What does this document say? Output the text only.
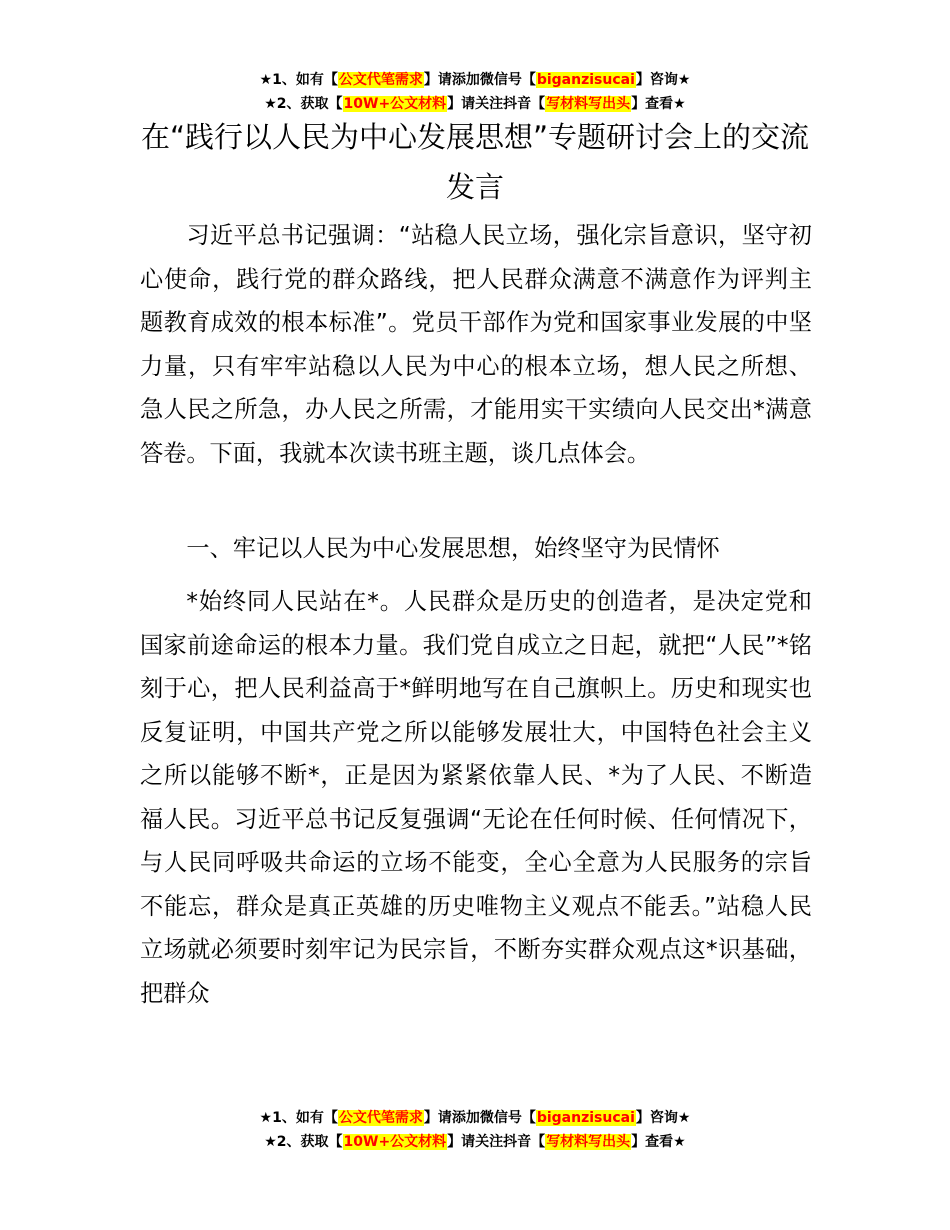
★1、如有【公文代笔需求】请添加微信号【biganzisucai】咨询★
★2、获取【10W+公文材料】请关注抖音【写材料写出头】查看★
在“践行以人民为中心发展思想”专题研讨会上的交流发言

习近平总书记强调：“站稳人民立场，强化宗旨意识，坚守初心使命，践行党的群众路线，把人民群众满意不满意作为评判主题教育成效的根本标准”。党员干部作为党和国家事业发展的中坚力量，只有牢牢站稳以人民为中心的根本立场，想人民之所想、急人民之所急，办人民之所需，才能用实干实绩向人民交出*满意答卷。下面，我就本次读书班主题，谈几点体会。

一、牢记以人民为中心发展思想，始终坚守为民情怀

*始终同人民站在*。人民群众是历史的创造者，是决定党和国家前途命运的根本力量。我们党自成立之日起，就把“人民”*铭刻于心，把人民利益高于*鲜明地写在自己旗帜上。历史和现实也反复证明，中国共产党之所以能够发展壮大，中国特色社会主义之所以能够不断*，正是因为紧紧依靠人民、*为了人民、不断造福人民。习近平总书记反复强调“无论在任何时候、任何情况下，与人民同呼吸共命运的立场不能变，全心全意为人民服务的宗旨不能忘，群众是真正英雄的历史唯物主义观点不能丢。”站稳人民立场就必须要时刻牢记为民宗旨，不断夯实群众观点这*识基础，把群众

★1、如有【公文代笔需求】请添加微信号【biganzisucai】咨询★
★2、获取【10W+公文材料】请关注抖音【写材料写出头】查看★
